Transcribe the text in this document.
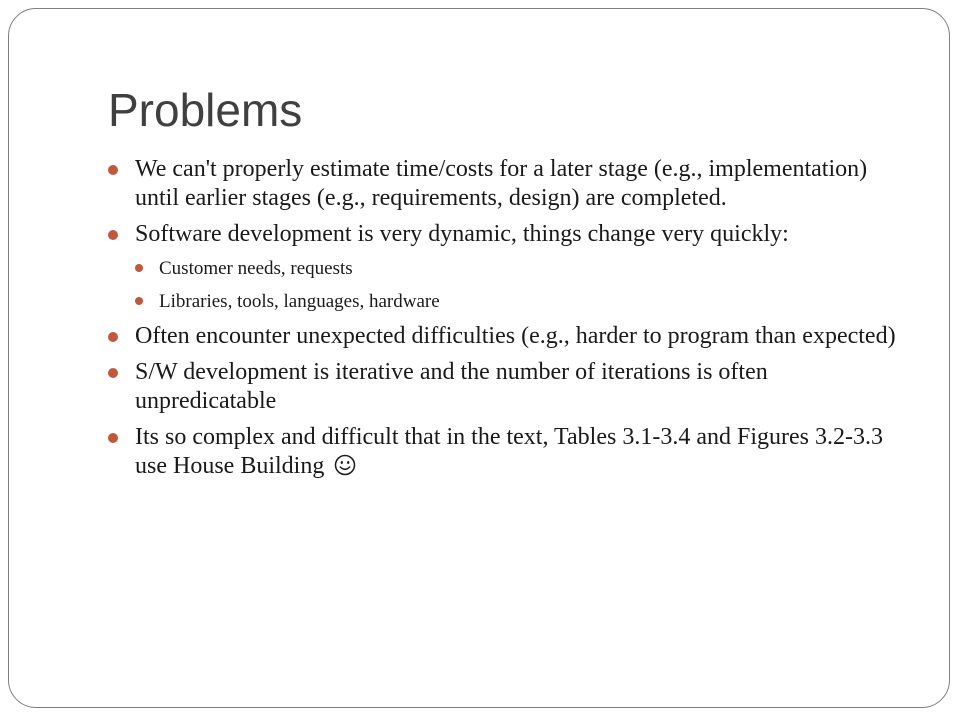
Problems
We can't properly estimate time/costs for a later stage (e.g., implementation) until earlier stages (e.g., requirements, design) are completed.
Software development is very dynamic, things change very quickly:
Customer needs, requests
Libraries, tools, languages, hardware
Often encounter unexpected difficulties (e.g., harder to program than expected)
S/W development is iterative and the number of iterations is often unpredicatable
Its so complex and difficult that in the text, Tables 3.1-3.4 and Figures 3.2-3.3 use House Building
